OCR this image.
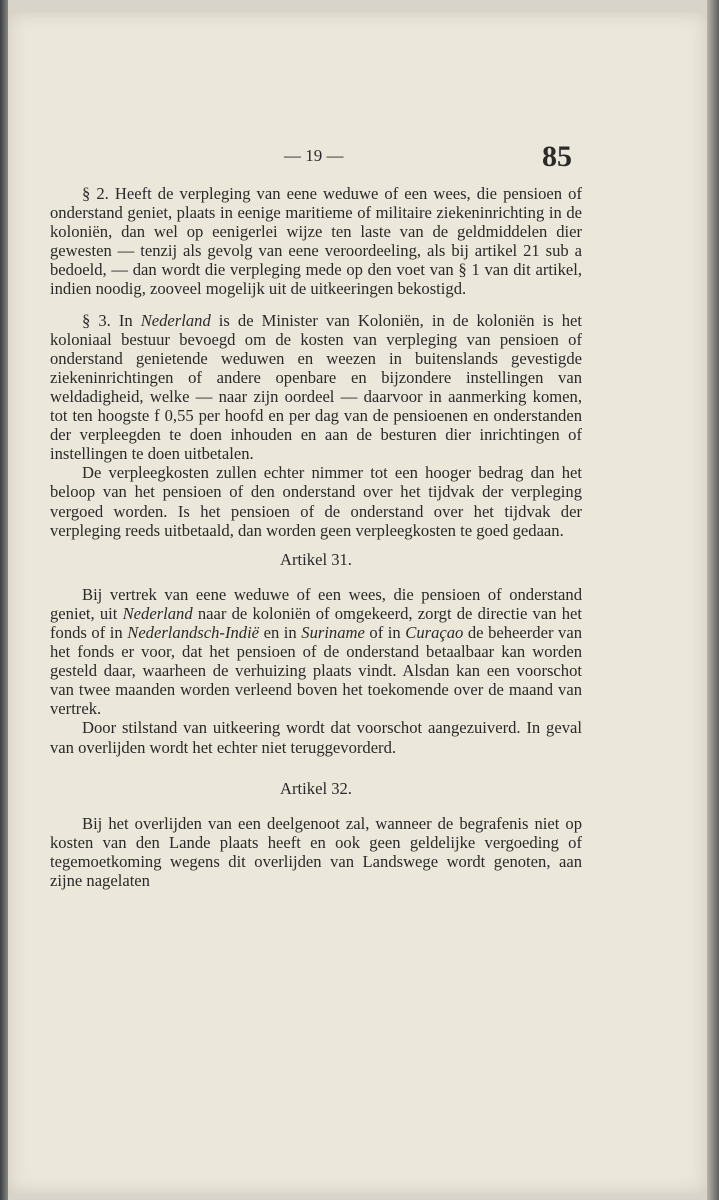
— 19 —	85

§ 2. Heeft de verpleging van eene weduwe of een wees, die pensioen of onderstand geniet, plaats in eenige maritieme of militaire ziekeninrichting in de koloniën, dan wel op eenigerlei wijze ten laste van de geldmiddelen dier gewesten — tenzij als gevolg van eene veroordeeling, als bij artikel 21 sub a bedoeld, — dan wordt die verpleging mede op den voet van § 1 van dit artikel, indien noodig, zooveel mogelijk uit de uitkeeringen bekostigd.

§ 3. In Nederland is de Minister van Koloniën, in de koloniën is het koloniaal bestuur bevoegd om de kosten van verpleging van pensioen of onderstand genietende weduwen en weezen in buitenslands gevestigde ziekeninrichtingen of andere openbare en bijzondere instellingen van weldadigheid, welke — naar zijn oordeel — daarvoor in aanmerking komen, tot ten hoogste f 0,55 per hoofd en per dag van de pensioenen en onderstanden der verpleegden te doen inhouden en aan de besturen dier inrichtingen of instellingen te doen uitbetalen.

De verpleegkosten zullen echter nimmer tot een hooger bedrag dan het beloop van het pensioen of den onderstand over het tijdvak der verpleging vergoed worden. Is het pensioen of de onderstand over het tijdvak der verpleging reeds uitbetaald, dan worden geen verpleegkosten te goed gedaan.

Artikel 31.

Bij vertrek van eene weduwe of een wees, die pensioen of onderstand geniet, uit Nederland naar de koloniën of omgekeerd, zorgt de directie van het fonds of in Nederlandsch-Indië en in Suriname of in Curaçao de beheerder van het fonds er voor, dat het pensioen of de onderstand betaalbaar kan worden gesteld daar, waarheen de verhuizing plaats vindt. Alsdan kan een voorschot van twee maanden worden verleend boven het toekomende over de maand van vertrek.

Door stilstand van uitkeering wordt dat voorschot aangezuiverd. In geval van overlijden wordt het echter niet teruggevorderd.

Artikel 32.

Bij het overlijden van een deelgenoot zal, wanneer de begrafenis niet op kosten van den Lande plaats heeft en ook geen geldelijke vergoeding of tegemoetkoming wegens dit overlijden van Landswege wordt genoten, aan zijne nagelaten
